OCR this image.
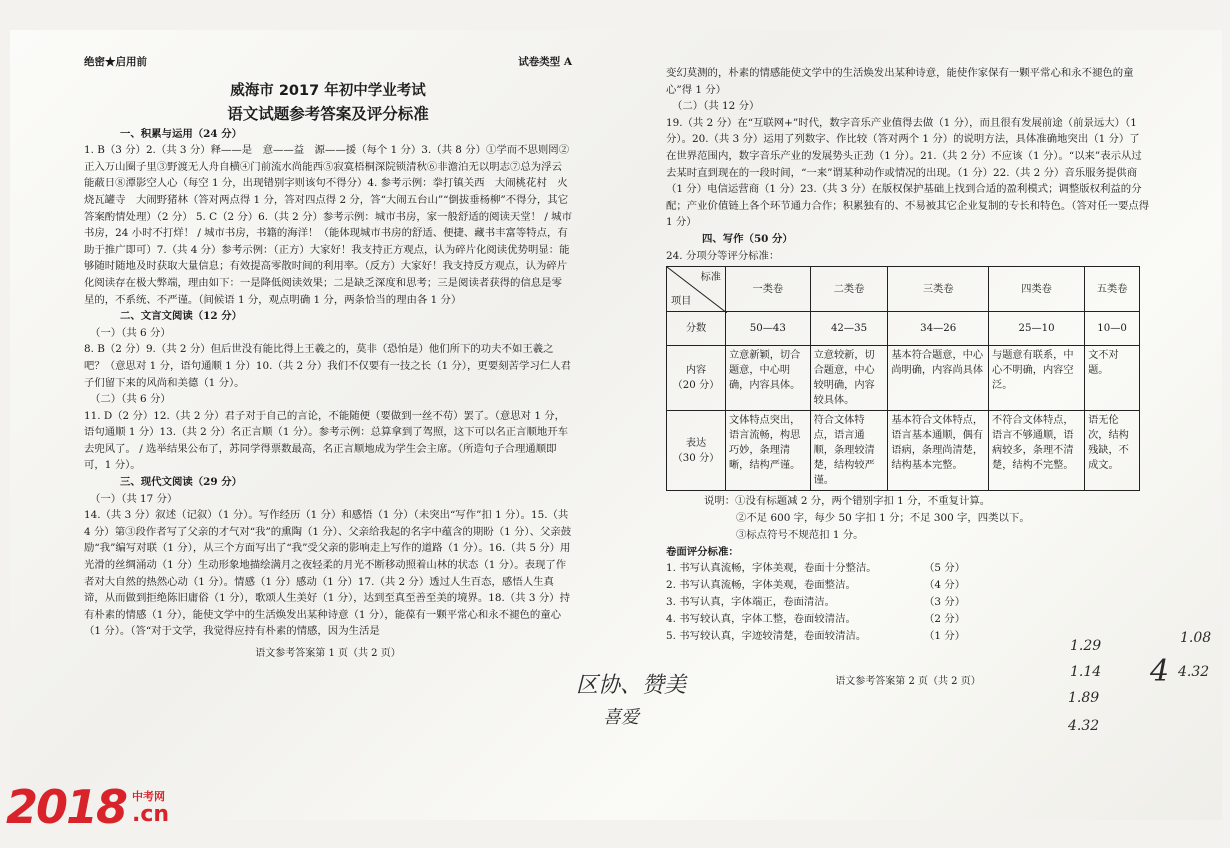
绝密★启用前	试卷类型 A
威海市 2017 年初中学业考试
语文试题参考答案及评分标准

一、积累与运用（24 分）

1. B（3 分）2.（共 3 分）释——是　意——益　源——援（每个 1 分）3.（共 8 分）①学而不思则罔②正入万山圈子里③野渡无人舟自横④门前流水尚能西⑤寂寞梧桐深院锁清秋⑥非澹泊无以明志⑦总为浮云能蔽日⑧潭影空人心（每空 1 分，出现错别字则该句不得分）4. 参考示例：拳打镇关西　大闹桃花村　火烧瓦罐寺　大闹野猪林（答对两点得 1 分，答对四点得 2 分，答“大闹五台山”“倒拔垂杨柳”不得分，其它答案酌情处理）（2 分） 5. C（2 分）6.（共 2 分）参考示例：城市书房，家一般舒适的阅读天堂！ / 城市书房，24 小时不打烊！ / 城市书房，书籍的海洋！（能体现城市书房的舒适、便捷、藏书丰富等特点，有助于推广即可）7.（共 4 分）参考示例：（正方）大家好！我支持正方观点，认为碎片化阅读优势明显：能够随时随地及时获取大量信息；有效提高零散时间的利用率。（反方）大家好！我支持反方观点，认为碎片化阅读存在极大弊端，理由如下：一是降低阅读效果；二是缺乏深度和思考；三是阅读者获得的信息是零星的，不系统、不严谨。（间候语 1 分，观点明确 1 分，两条恰当的理由各 1 分）

二、文言文阅读（12 分）

（一）（共 6 分）

8. B（2 分）9.（共 2 分）但后世没有能比得上王羲之的，莫非（恐怕是）他们所下的功夫不如王羲之吧？（意思对 1 分，语句通顺 1 分）10.（共 2 分）我们不仅要有一技之长（1 分），更要刻苦学习仁人君子们留下来的风尚和美德（1 分）。

（二）（共 6 分）

11. D（2 分）12.（共 2 分）君子对于自己的言论，不能随便（要做到一丝不苟）罢了。（意思对 1 分，语句通顺 1 分）13.（共 2 分）名正言顺（1 分）。参考示例：总算拿到了驾照，这下可以名正言顺地开车去兜风了。 / 选举结果公布了，苏同学得票数最高，名正言顺地成为学生会主席。（所造句子合理通顺即可，1 分）。

三、现代文阅读（29 分）

（一）（共 17 分）

14.（共 3 分）叙述（记叙）（1 分）。写作经历（1 分）和感悟（1 分）（未突出“写作”扣 1 分）。15.（共 4 分）第③段作者写了父亲的才气对“我”的熏陶（1 分）、父亲给我起的名字中蕴含的期盼（1 分）、父亲鼓励“我”编写对联（1 分），从三个方面写出了“我”受父亲的影响走上写作的道路（1 分）。16.（共 5 分）用光滑的丝绸涌动（1 分）生动形象地描绘满月之夜轻柔的月光不断移动照着山林的状态（1 分）。表现了作者对大自然的热然心动（1 分）。情感（1 分）感动（1 分）17.（共 2 分）透过人生百态，感悟人生真谛，从而做到拒绝陈旧庸俗（1 分），歌颂人生美好（1 分），达到至真至善至美的境界。18.（共 3 分）持有朴素的情感（1 分），能使文学中的生活焕发出某种诗意（1 分），能葆有一颗平常心和永不褪色的童心（1 分）。（答“对于文学，我觉得应持有朴素的情感，因为生活是

语文参考答案第 1 页（共 2 页）

变幻莫测的，朴素的情感能使文学中的生活焕发出某种诗意，能使作家保有一颗平常心和永不褪色的童心”得 1 分）

（二）（共 12 分）

19.（共 2 分）在“互联网+”时代，数字音乐产业值得去做（1 分），而且很有发展前途（前景远大）（1 分）。20.（共 3 分）运用了列数字、作比较（答对两个 1 分）的说明方法，具体准确地突出（1 分）了在世界范围内，数字音乐产业的发展势头正劲（1 分）。21.（共 2 分）不应该（1 分）。“以来”表示从过去某时直到现在的一段时间，“一来”谓某种动作或情况的出现。（1 分）22.（共 2 分）音乐服务提供商（1 分）电信运营商（1 分）23.（共 3 分）在版权保护基础上找到合适的盈利模式；调整版权利益的分配；产业价值链上各个环节通力合作；积累独有的、不易被其它企业复制的专长和特色。（答对任一要点得 1 分）

四、写作（50 分）

24. 分项分等评分标准：

标准
项目	一类卷	二类卷	三类卷	四类卷	五类卷
分数	50—43	42—35	34—26	25—10	10—0
内容
（20 分）	立意新颖，切合题意，中心明确，内容具体。	立意较新，切合题意，中心较明确，内容较具体。	基本符合题意，中心尚明确，内容尚具体	与题意有联系，中心不明确，内容空泛。	文不对题。
表达
（30 分）	文体特点突出，语言流畅，构思巧妙，条理清晰，结构严谨。	符合文体特点，语言通顺，条理较清楚，结构较严谨。	基本符合文体特点，语言基本通顺，偶有语病，条理尚清楚，结构基本完整。	不符合文体特点，语言不够通顺，语病较多，条理不清楚，结构不完整。	语无伦次，结构残缺，不成文。

说明：①没有标题减 2 分，两个错别字扣 1 分，不重复计算。

②不足 600 字，每少 50 字扣 1 分；不足 300 字，四类以下。

③标点符号不规范扣 1 分。

卷面评分标准：

1. 书写认真流畅，字体美观，卷面十分整洁。	（5 分）
2. 书写认真流畅，字体美观，卷面整洁。	（4 分）
3. 书写认真，字体端正，卷面清洁。	（3 分）
4. 书写较认真，字体工整，卷面较清洁。	（2 分）
5. 书写较认真，字迹较清楚，卷面较清洁。	（1 分）
语文参考答案第 2 页（共 2 页）
区协、赞美
喜爱
1.29
1.14
1.89
4.32
1.08
4 4.32
2018 中考网
.cn
